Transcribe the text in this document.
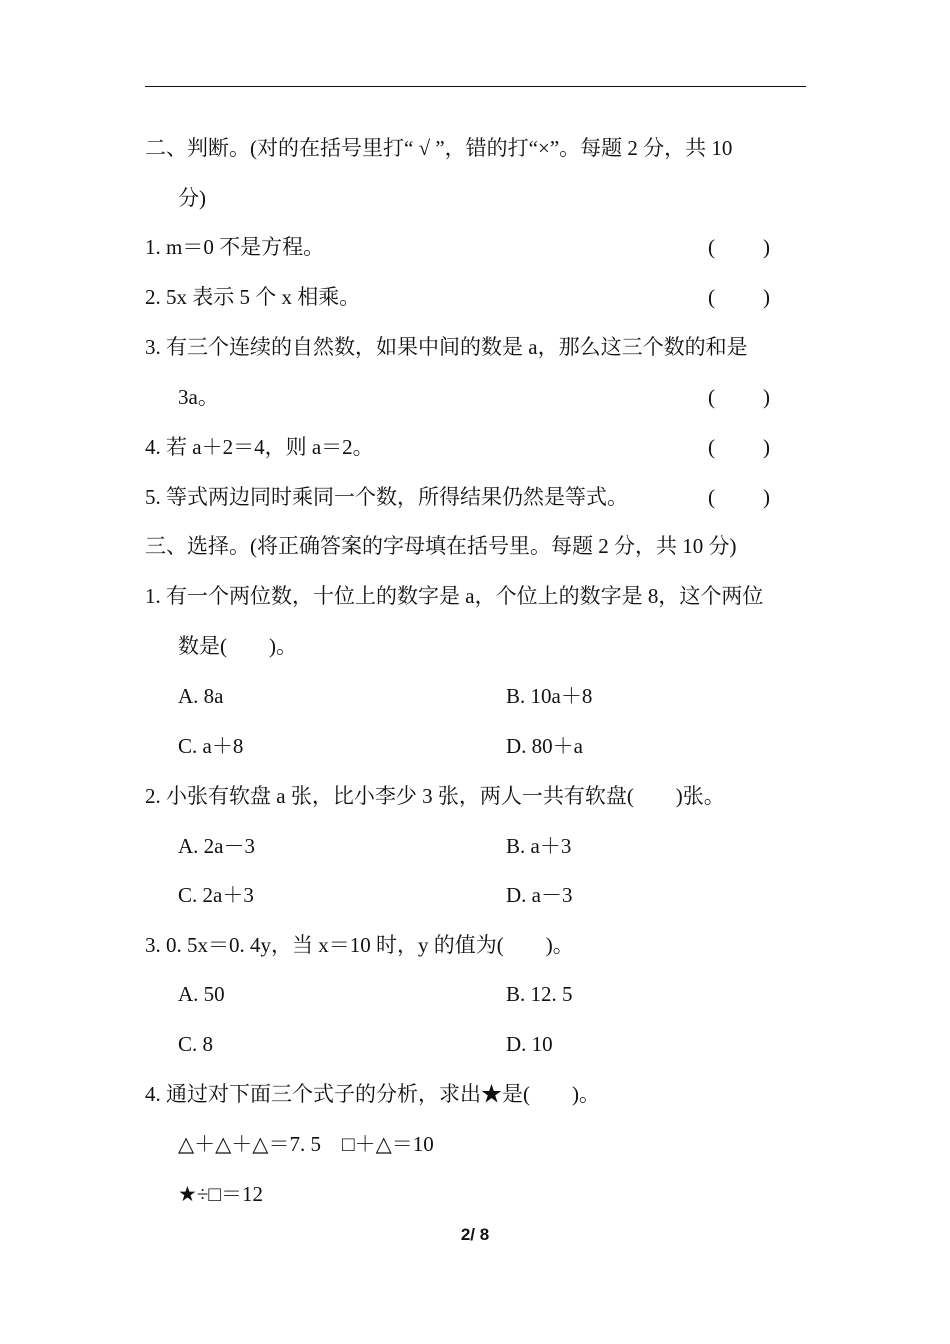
二、判断。(对的在括号里打“ √ ”，错的打“×”。每题 2 分，共 10
分)
1. m＝0 不是方程。	( )
2. 5x 表示 5 个 x 相乘。	( )
3. 有三个连续的自然数，如果中间的数是 a，那么这三个数的和是
3a。	( )
4. 若 a＋2＝4，则 a＝2。	( )
5. 等式两边同时乘同一个数，所得结果仍然是等式。	( )
三、选择。(将正确答案的字母填在括号里。每题 2 分，共 10 分)
1. 有一个两位数，十位上的数字是 a，个位上的数字是 8，这个两位
数是(　　)。
A. 8a	B. 10a＋8
C. a＋8	D. 80＋a
2. 小张有软盘 a 张，比小李少 3 张，两人一共有软盘(　　)张。
A. 2a－3	B. a＋3
C. 2a＋3	D. a－3
3. 0. 5x＝0. 4y，当 x＝10 时，y 的值为(　　)。
A. 50	B. 12. 5
C. 8	D. 10
4. 通过对下面三个式子的分析，求出★是(　　)。
△＋△＋△＝7. 5　□＋△＝10
★÷□＝12
2/ 8
